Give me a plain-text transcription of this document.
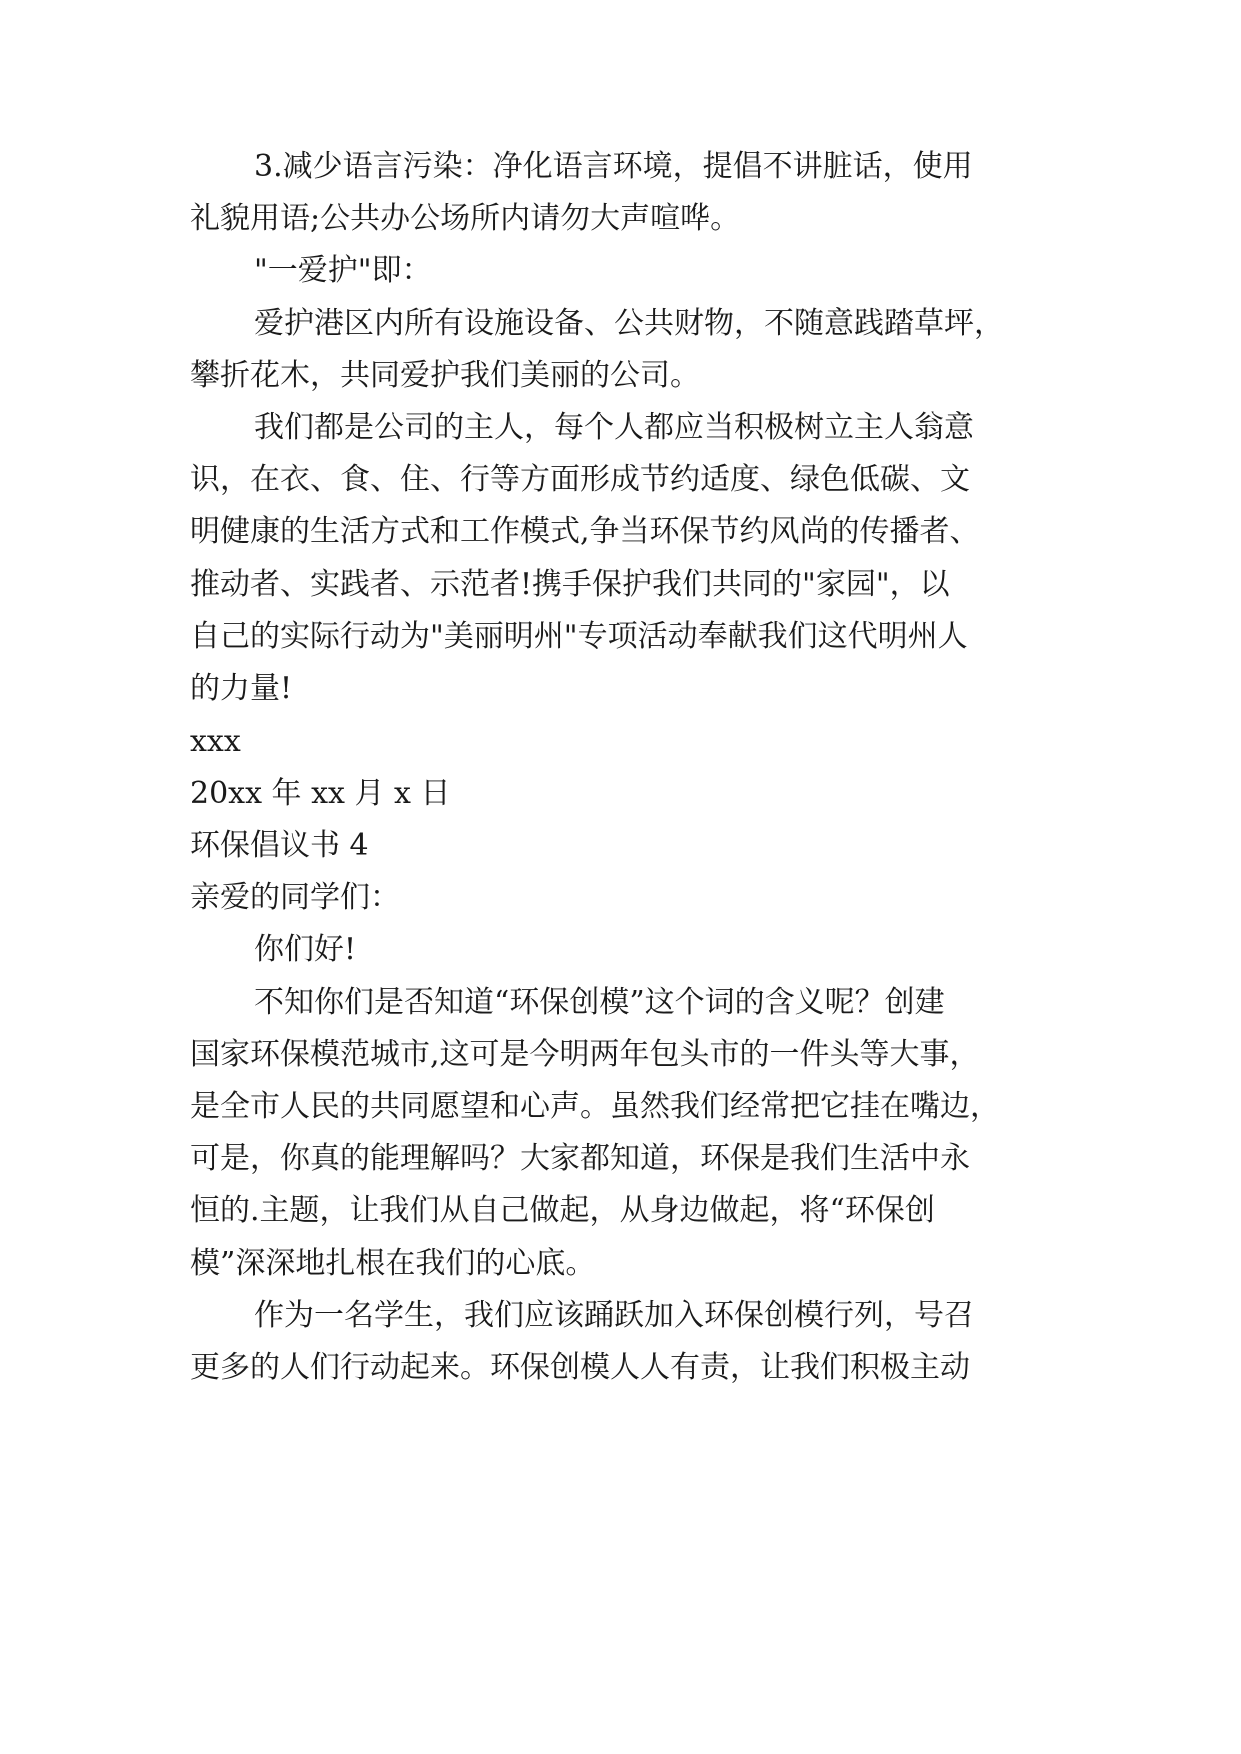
3.减少语言污染：净化语言环境，提倡不讲脏话，使用
礼貌用语;公共办公场所内请勿大声喧哗。
"一爱护"即：
爱护港区内所有设施设备、公共财物，不随意践踏草坪，
攀折花木，共同爱护我们美丽的公司。
我们都是公司的主人，每个人都应当积极树立主人翁意
识，在衣、食、住、行等方面形成节约适度、绿色低碳、文
明健康的生活方式和工作模式,争当环保节约风尚的传播者、
推动者、实践者、示范者!携手保护我们共同的"家园"，以
自己的实际行动为"美丽明州"专项活动奉献我们这代明州人
的力量!
xxx
20xx 年 xx 月 x 日
环保倡议书 4
亲爱的同学们：
你们好!
不知你们是否知道“环保创模”这个词的含义呢？创建
国家环保模范城市,这可是今明两年包头市的一件头等大事，
是全市人民的共同愿望和心声。虽然我们经常把它挂在嘴边，
可是，你真的能理解吗？大家都知道，环保是我们生活中永
恒的.主题，让我们从自己做起，从身边做起，将“环保创
模”深深地扎根在我们的心底。
作为一名学生，我们应该踊跃加入环保创模行列，号召
更多的人们行动起来。环保创模人人有责，让我们积极主动
